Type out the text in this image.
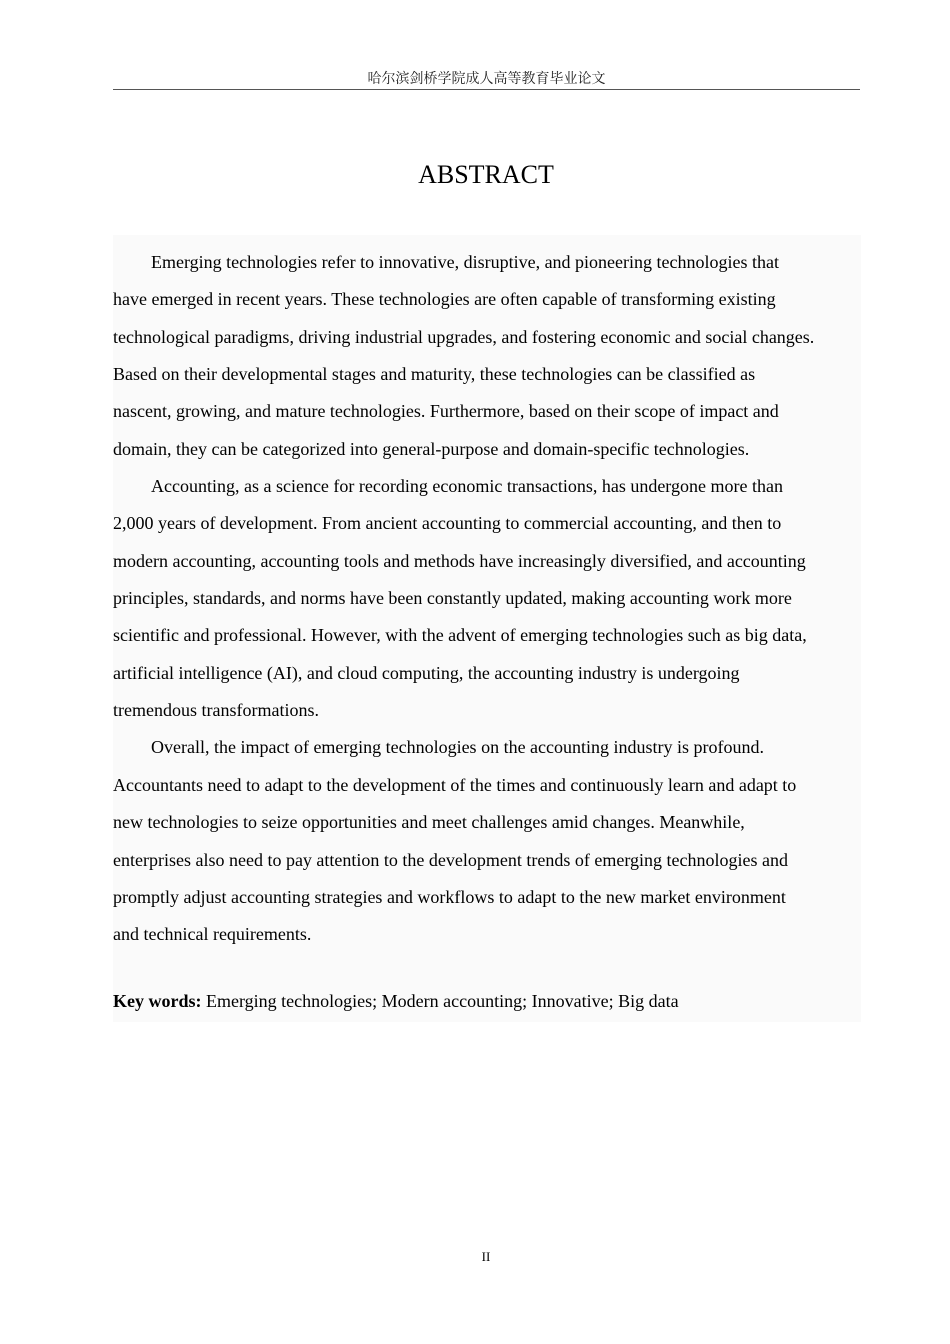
哈尔滨剑桥学院成人高等教育毕业论文
ABSTRACT
Emerging technologies refer to innovative, disruptive, and pioneering technologies that
have emerged in recent years. These technologies are often capable of transforming existing
technological paradigms, driving industrial upgrades, and fostering economic and social changes.
Based on their developmental stages and maturity, these technologies can be classified as
nascent, growing, and mature technologies. Furthermore, based on their scope of impact and
domain, they can be categorized into general-purpose and domain-specific technologies.
Accounting, as a science for recording economic transactions, has undergone more than
2,000 years of development. From ancient accounting to commercial accounting, and then to
modern accounting, accounting tools and methods have increasingly diversified, and accounting
principles, standards, and norms have been constantly updated, making accounting work more
scientific and professional. However, with the advent of emerging technologies such as big data,
artificial intelligence (AI), and cloud computing, the accounting industry is undergoing
tremendous transformations.
Overall, the impact of emerging technologies on the accounting industry is profound.
Accountants need to adapt to the development of the times and continuously learn and adapt to
new technologies to seize opportunities and meet challenges amid changes. Meanwhile,
enterprises also need to pay attention to the development trends of emerging technologies and
promptly adjust accounting strategies and workflows to adapt to the new market environment
and technical requirements.
Key words: Emerging technologies; Modern accounting; Innovative; Big data
II
